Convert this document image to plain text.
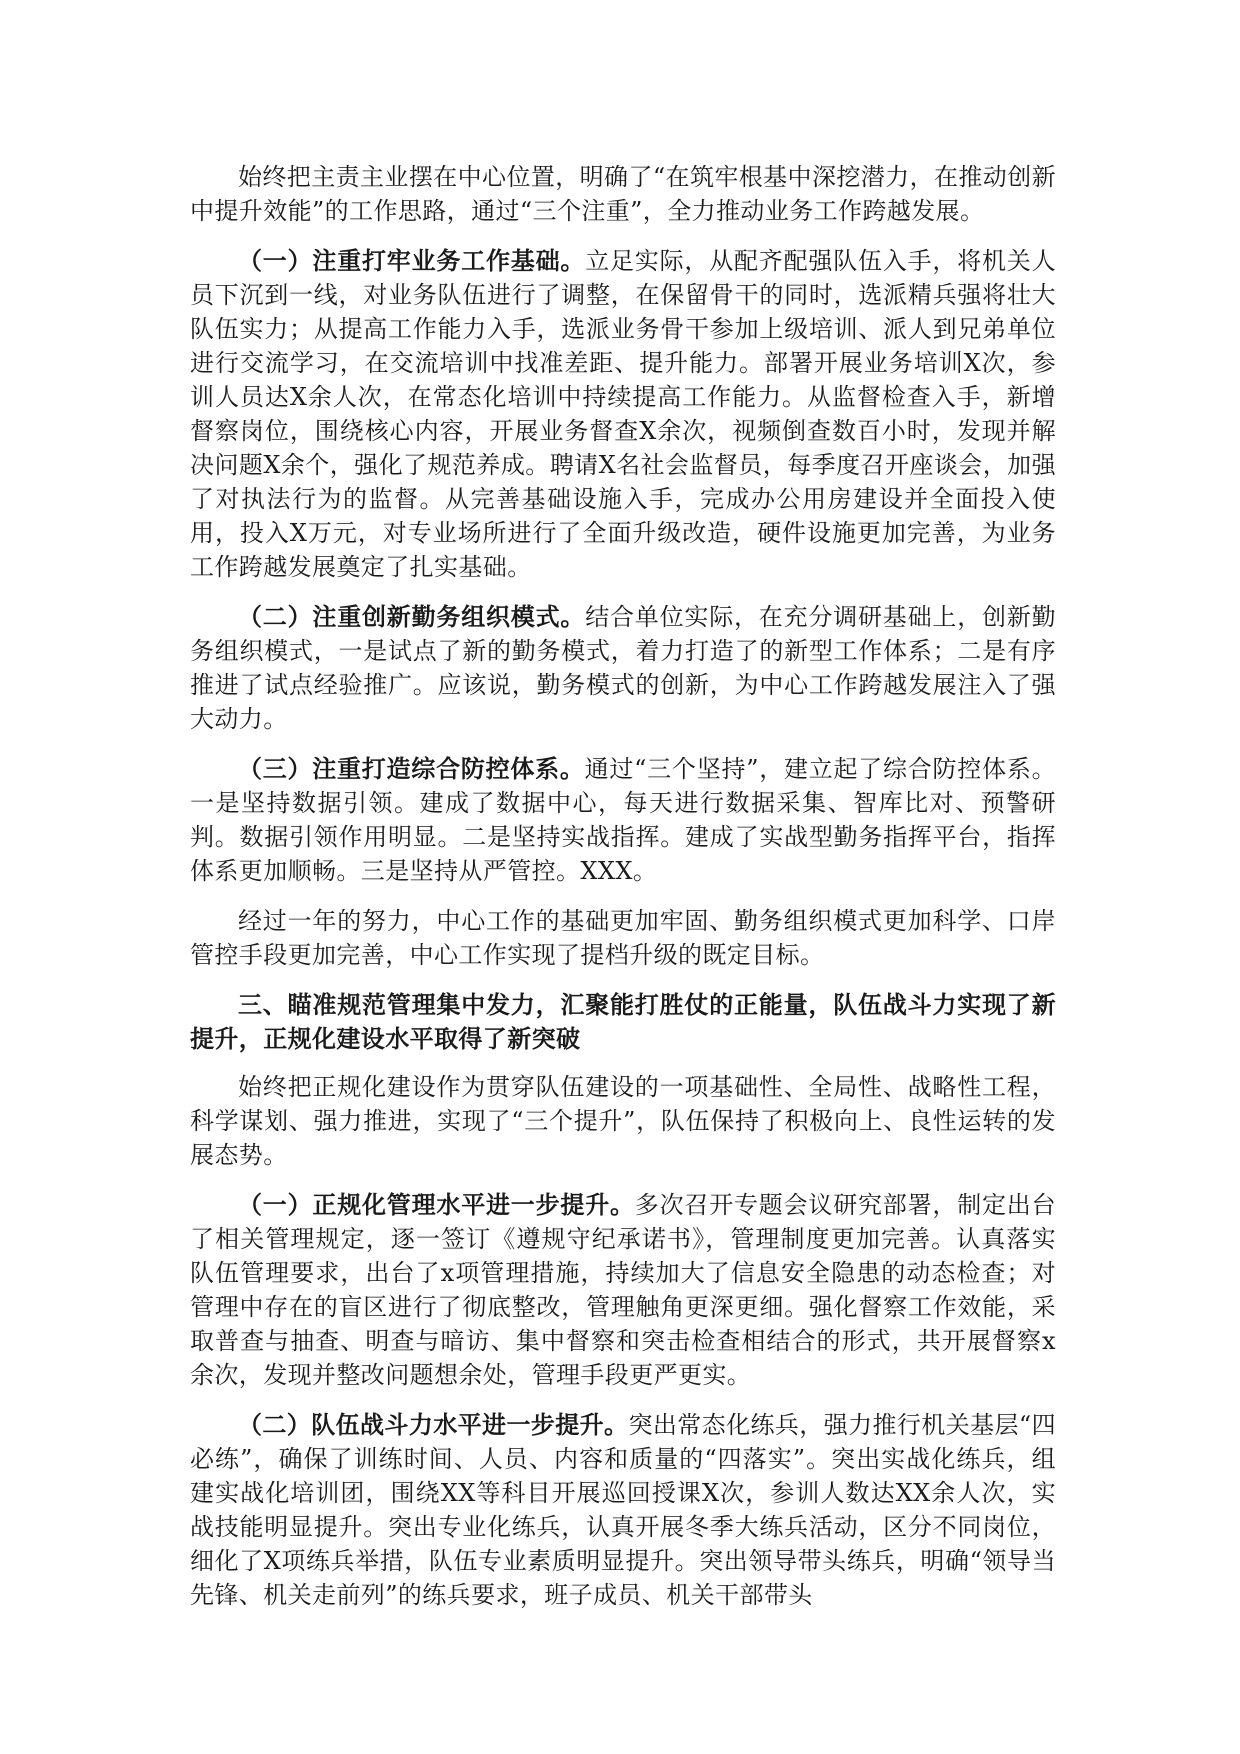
始终把主责主业摆在中心位置，明确了“在筑牢根基中深挖潜力，在推动创新中提升效能”的工作思路，通过“三个注重”，全力推动业务工作跨越发展。

（一）注重打牢业务工作基础。立足实际，从配齐配强队伍入手，将机关人员下沉到一线，对业务队伍进行了调整，在保留骨干的同时，选派精兵强将壮大队伍实力；从提高工作能力入手，选派业务骨干参加上级培训、派人到兄弟单位进行交流学习，在交流培训中找准差距、提升能力。部署开展业务培训X次，参训人员达X余人次，在常态化培训中持续提高工作能力。从监督检查入手，新增督察岗位，围绕核心内容，开展业务督查X余次，视频倒查数百小时，发现并解决问题X余个，强化了规范养成。聘请X名社会监督员，每季度召开座谈会，加强了对执法行为的监督。从完善基础设施入手，完成办公用房建设并全面投入使用，投入X万元，对专业场所进行了全面升级改造，硬件设施更加完善，为业务工作跨越发展奠定了扎实基础。

（二）注重创新勤务组织模式。结合单位实际，在充分调研基础上，创新勤务组织模式，一是试点了新的勤务模式，着力打造了的新型工作体系；二是有序推进了试点经验推广。应该说，勤务模式的创新，为中心工作跨越发展注入了强大动力。

（三）注重打造综合防控体系。通过“三个坚持”，建立起了综合防控体系。一是坚持数据引领。建成了数据中心，每天进行数据采集、智库比对、预警研判。数据引领作用明显。二是坚持实战指挥。建成了实战型勤务指挥平台，指挥体系更加顺畅。三是坚持从严管控。XXX。

经过一年的努力，中心工作的基础更加牢固、勤务组织模式更加科学、口岸管控手段更加完善，中心工作实现了提档升级的既定目标。

三、瞄准规范管理集中发力，汇聚能打胜仗的正能量，队伍战斗力实现了新提升，正规化建设水平取得了新突破

始终把正规化建设作为贯穿队伍建设的一项基础性、全局性、战略性工程，科学谋划、强力推进，实现了“三个提升”，队伍保持了积极向上、良性运转的发展态势。

（一）正规化管理水平进一步提升。多次召开专题会议研究部署，制定出台了相关管理规定，逐一签订《遵规守纪承诺书》，管理制度更加完善。认真落实队伍管理要求，出台了x项管理措施，持续加大了信息安全隐患的动态检查；对管理中存在的盲区进行了彻底整改，管理触角更深更细。强化督察工作效能，采取普查与抽查、明查与暗访、集中督察和突击检查相结合的形式，共开展督察x余次，发现并整改问题想余处，管理手段更严更实。

（二）队伍战斗力水平进一步提升。突出常态化练兵，强力推行机关基层“四必练”，确保了训练时间、人员、内容和质量的“四落实”。突出实战化练兵，组建实战化培训团，围绕XX等科目开展巡回授课X次，参训人数达XX余人次，实战技能明显提升。突出专业化练兵，认真开展冬季大练兵活动，区分不同岗位，细化了X项练兵举措，队伍专业素质明显提升。突出领导带头练兵，明确“领导当先锋、机关走前列”的练兵要求，班子成员、机关干部带头
